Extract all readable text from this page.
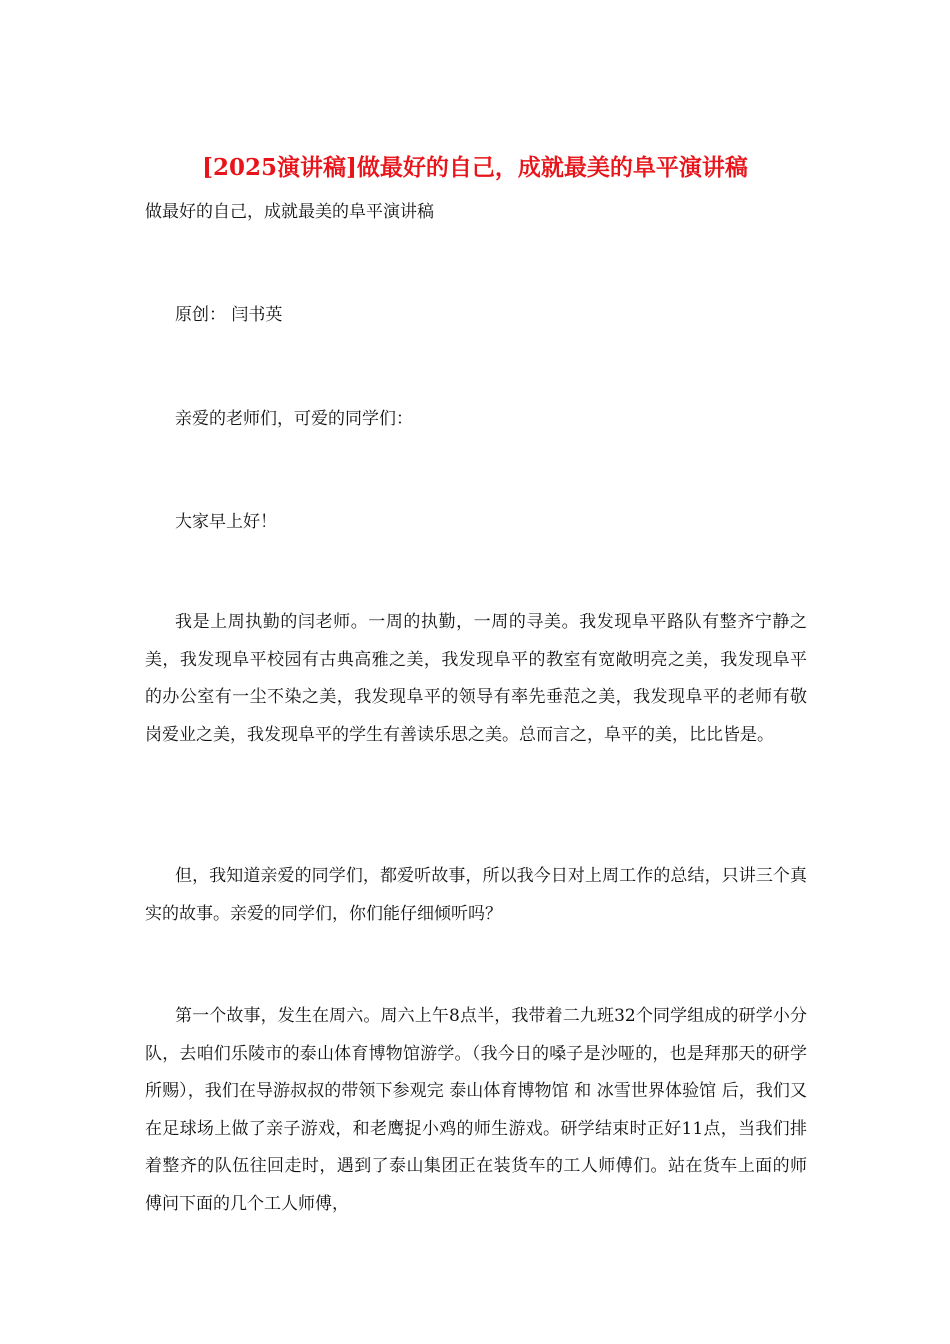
[2025演讲稿]做最好的自己，成就最美的阜平演讲稿
做最好的自己，成就最美的阜平演讲稿
原创： 闫书英
亲爱的老师们，可爱的同学们：
大家早上好！
我是上周执勤的闫老师。一周的执勤，一周的寻美。我发现阜平路队有整齐宁静之美，我发现阜平校园有古典高雅之美，我发现阜平的教室有宽敞明亮之美，我发现阜平的办公室有一尘不染之美，我发现阜平的领导有率先垂范之美，我发现阜平的老师有敬岗爱业之美，我发现阜平的学生有善读乐思之美。总而言之，阜平的美，比比皆是。
但，我知道亲爱的同学们，都爱听故事，所以我今日对上周工作的总结，只讲三个真实的故事。亲爱的同学们，你们能仔细倾听吗？
第一个故事，发生在周六。周六上午8点半，我带着二九班32个同学组成的研学小分队，去咱们乐陵市的泰山体育博物馆游学。（我今日的嗓子是沙哑的，也是拜那天的研学所赐），我们在导游叔叔的带领下参观完 泰山体育博物馆 和 冰雪世界体验馆 后，我们又在足球场上做了亲子游戏，和老鹰捉小鸡的师生游戏。研学结束时正好11点，当我们排着整齐的队伍往回走时，遇到了泰山集团正在装货车的工人师傅们。站在货车上面的师傅问下面的几个工人师傅，
